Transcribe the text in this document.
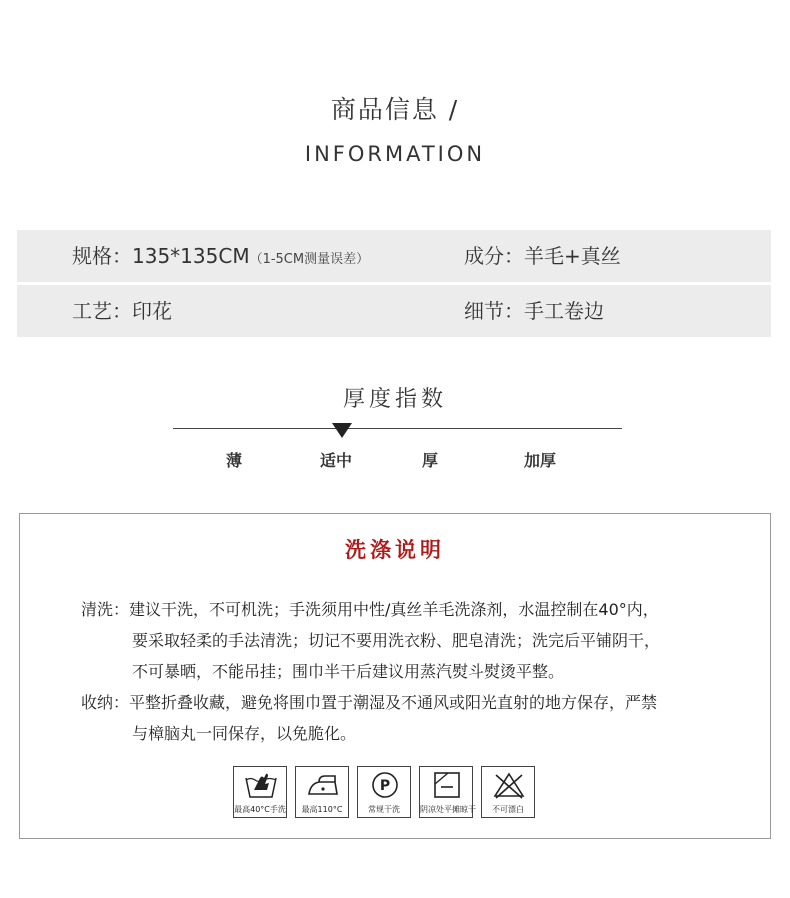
商品信息 /
INFORMATION
规格：135*135CM（1-5CM测量误差）	成分：羊毛+真丝
工艺：印花	细节：手工卷边
厚度指数
薄	适中	厚	加厚
洗涤说明
清洗：建议干洗，不可机洗；手洗须用中性/真丝羊毛洗涤剂，水温控制在40°内，
要采取轻柔的手法清洗；切记不要用洗衣粉、肥皂清洗；洗完后平铺阴干，
不可暴晒，不能吊挂；围巾半干后建议用蒸汽熨斗熨烫平整。
收纳：平整折叠收藏，避免将围巾置于潮湿及不通风或阳光直射的地方保存，严禁
与樟脑丸一同保存，以免脆化。
最高40°C手洗	最高110°C
P
常规干洗	阴凉处平摊晾干	不可漂白
